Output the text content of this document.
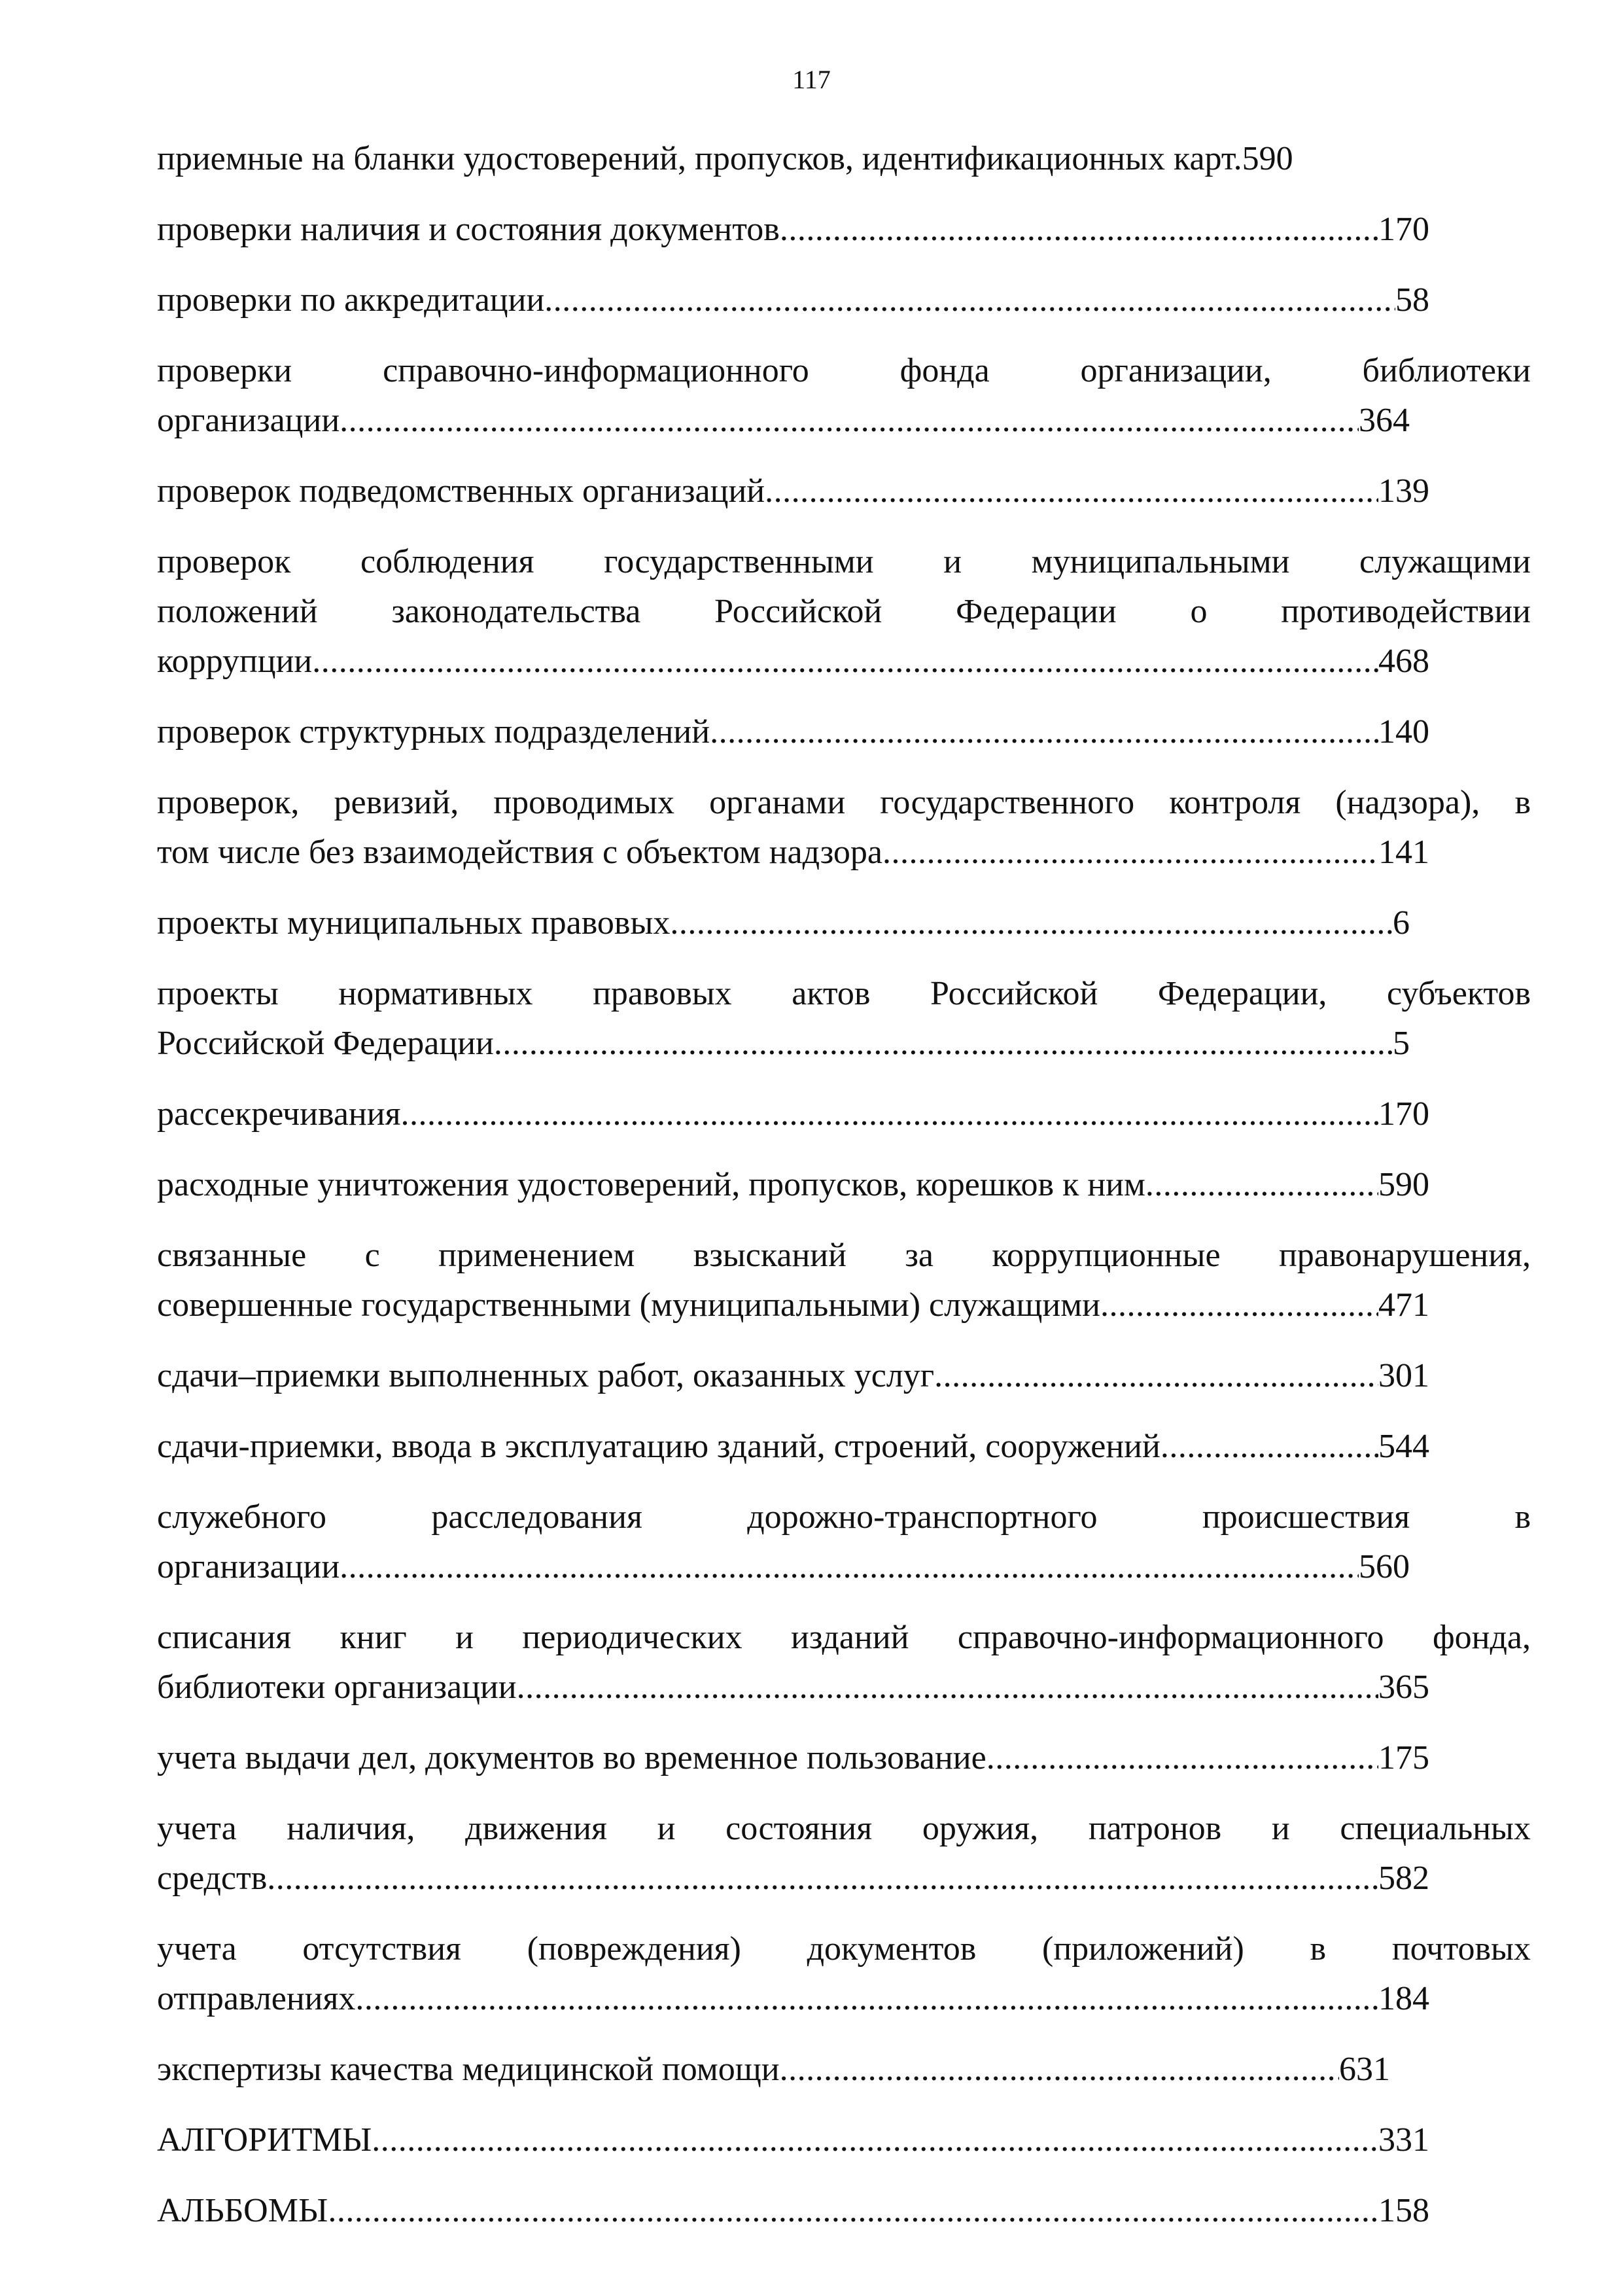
117
приемные на бланки удостоверений, пропусков, идентификационных карт. 590
проверки наличия и состояния документов .....	170
проверки по аккредитации .....	58
проверки справочно-информационного фонда организации, библиотеки
организации .....	364
проверок подведомственных организаций .....	139
проверок соблюдения государственными и муниципальными служащими
положений законодательства Российской Федерации о противодействии
коррупции .....	468
проверок структурных подразделений .....	140
проверок, ревизий, проводимых органами государственного контроля (надзора), в
том числе без взаимодействия с объектом надзора .....	141
проекты муниципальных правовых .....	6
проекты нормативных правовых актов Российской Федерации, субъектов
Российской Федерации .....	5
рассекречивания .....	170
расходные уничтожения удостоверений, пропусков, корешков к ним .....	590
связанные с применением взысканий за коррупционные правонарушения,
совершенные государственными (муниципальными) служащими .....	471
сдачи–приемки выполненных работ, оказанных услуг .....	301
сдачи-приемки, ввода в эксплуатацию зданий, строений, сооружений .....	544
служебного расследования дорожно-транспортного происшествия в
организации .....	560
списания книг и периодических изданий справочно-информационного фонда,
библиотеки организации .....	365
учета выдачи дел, документов во временное пользование .....	175
учета наличия, движения и состояния оружия, патронов и специальных
средств .....	582
учета отсутствия (повреждения) документов (приложений) в почтовых
отправлениях .....	184
экспертизы качества медицинской помощи .....	631
АЛГОРИТМЫ .....	331
АЛЬБОМЫ .....	158
